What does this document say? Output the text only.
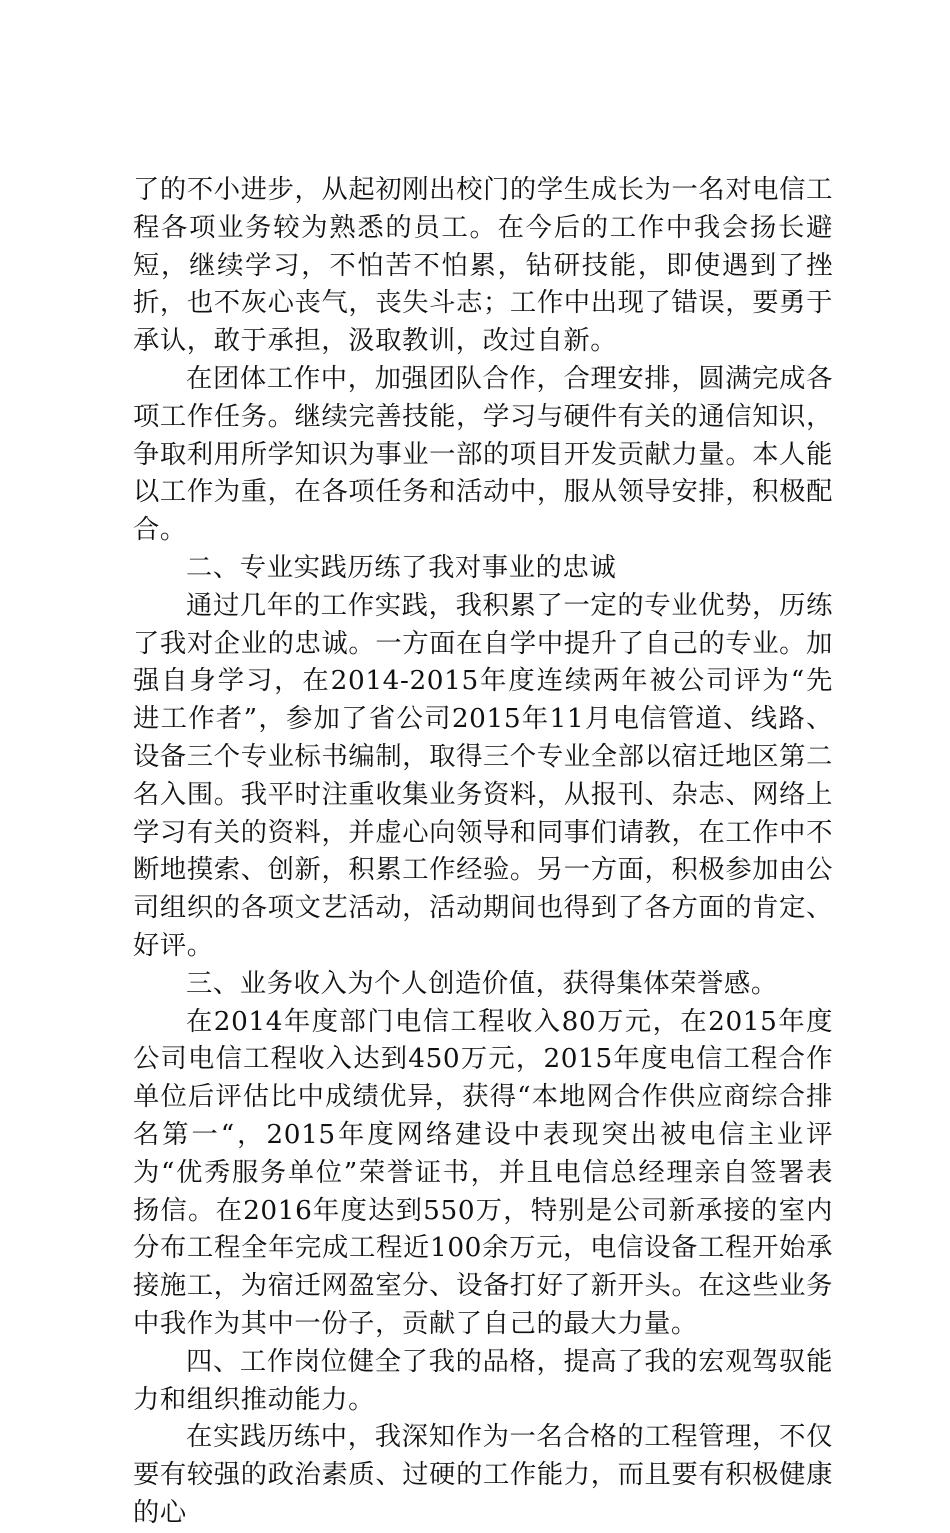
了的不小进步，从起初刚出校门的学生成长为一名对电信工程各项业务较为熟悉的员工。在今后的工作中我会扬长避短，继续学习，不怕苦不怕累，钻研技能，即使遇到了挫折，也不灰心丧气，丧失斗志；工作中出现了错误，要勇于承认，敢于承担，汲取教训，改过自新。

在团体工作中，加强团队合作，合理安排，圆满完成各项工作任务。继续完善技能，学习与硬件有关的通信知识，争取利用所学知识为事业一部的项目开发贡献力量。本人能以工作为重，在各项任务和活动中，服从领导安排，积极配合。

二、专业实践历练了我对事业的忠诚

通过几年的工作实践，我积累了一定的专业优势，历练了我对企业的忠诚。一方面在自学中提升了自己的专业。加强自身学习，在2014-2015年度连续两年被公司评为“先进工作者”，参加了省公司2015年11月电信管道、线路、设备三个专业标书编制，取得三个专业全部以宿迁地区第二名入围。我平时注重收集业务资料，从报刊、杂志、网络上学习有关的资料，并虚心向领导和同事们请教，在工作中不断地摸索、创新，积累工作经验。另一方面，积极参加由公司组织的各项文艺活动，活动期间也得到了各方面的肯定、好评。

三、业务收入为个人创造价值，获得集体荣誉感。

在2014年度部门电信工程收入80万元，在2015年度公司电信工程收入达到450万元，2015年度电信工程合作单位后评估比中成绩优异，获得“本地网合作供应商综合排名第一“，2015年度网络建设中表现突出被电信主业评为“优秀服务单位”荣誉证书，并且电信总经理亲自签署表扬信。在2016年度达到550万，特别是公司新承接的室内分布工程全年完成工程近100余万元，电信设备工程开始承接施工，为宿迁网盈室分、设备打好了新开头。在这些业务中我作为其中一份子，贡献了自己的最大力量。

四、工作岗位健全了我的品格，提高了我的宏观驾驭能力和组织推动能力。

在实践历练中，我深知作为一名合格的工程管理，不仅要有较强的政治素质、过硬的工作能力，而且要有积极健康的心
